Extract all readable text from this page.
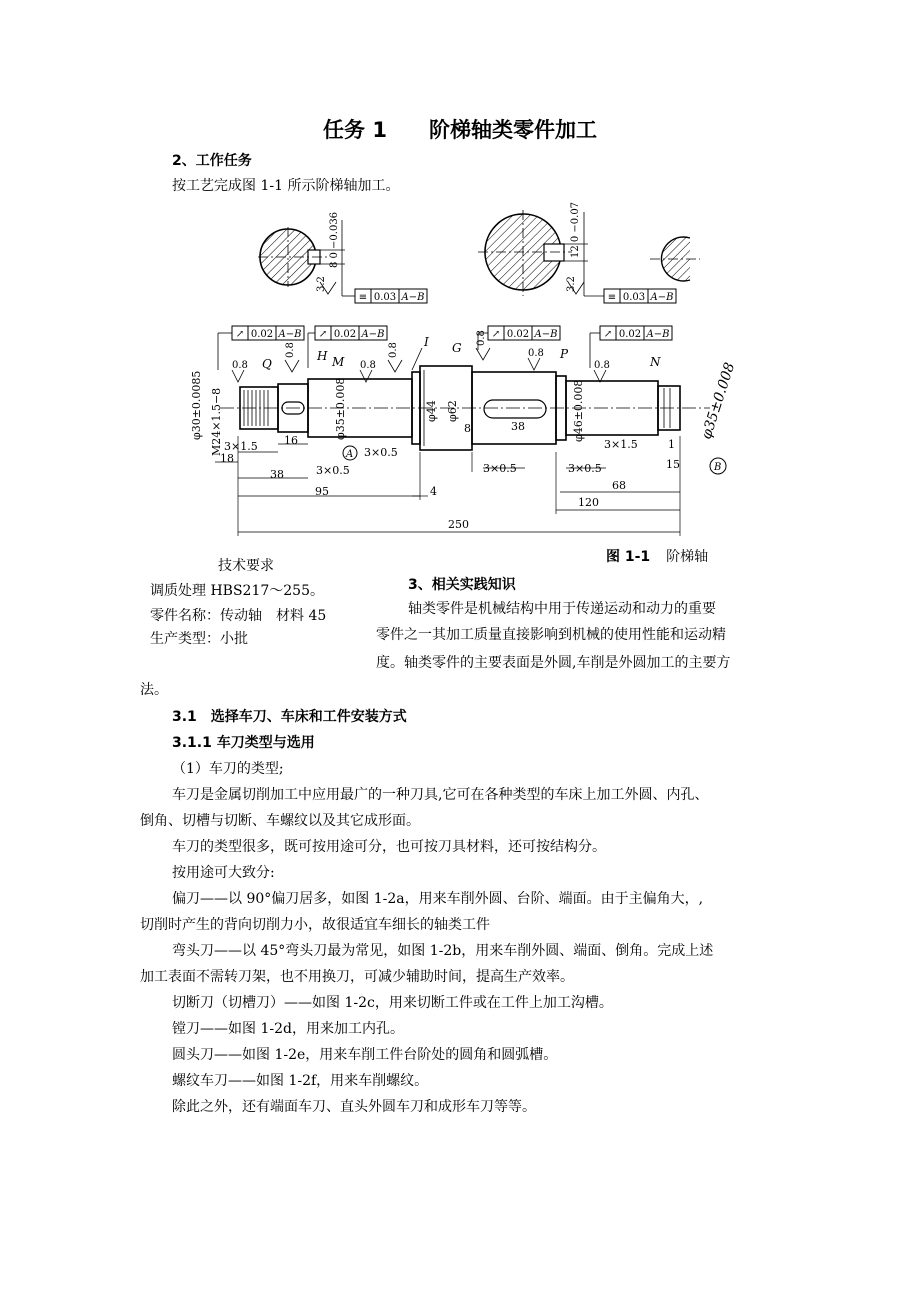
任务 1 阶梯轴类零件加工
2、工作任务
按工艺完成图 1-1 所示阶梯轴加工。
8 0 −0.036
3.2
≡ 0.03 A−B
12 0 −0.07
3.2
≡ 0.03 A−B
↗ 0.02 A−B ↗ 0.02 A−B	↗ 0.02 A−B	↗ 0.02 A−B
0.8 Q
0.8 H M 0.8
0.8
I G
0.8
0.8 P
0.8	N
φ30±0.0085 M24×1.5−8	φ35±0.008	φ44 φ62	φ46±0.008	φ35±0.008
8
A
B
3×1.5 16
18
38	3×0.5
3×0.5
95	4
3×0.5
38
3×0.5
3×1.5	1
15
68
120
250
图 1-1 阶梯轴
技术要求
调质处理 HBS217～255。
零件名称：传动轴　材料 45
生产类型：小批
3、相关实践知识
轴类零件是机械结构中用于传递运动和动力的重要
零件之一其加工质量直接影响到机械的使用性能和运动精
度。轴类零件的主要表面是外圆,车削是外圆加工的主要方
法。
3.1　选择车刀、车床和工件安装方式
3.1.1 车刀类型与选用
（1）车刀的类型;
车刀是金属切削加工中应用最广的一种刀具,它可在各种类型的车床上加工外圆、内孔、
倒角、切槽与切断、车螺纹以及其它成形面。
车刀的类型很多，既可按用途可分，也可按刀具材料，还可按结构分。
按用途可大致分:
偏刀——以 90°偏刀居多，如图 1-2a，用来车削外圆、台阶、端面。由于主偏角大，,
切削时产生的背向切削力小，故很适宜车细长的轴类工件
弯头刀——以 45°弯头刀最为常见，如图 1-2b，用来车削外圆、端面、倒角。完成上述
加工表面不需转刀架，也不用换刀，可减少辅助时间，提高生产效率。
切断刀（切槽刀）——如图 1-2c，用来切断工件或在工件上加工沟槽。
镗刀——如图 1-2d，用来加工内孔。
圆头刀——如图 1-2e，用来车削工件台阶处的圆角和圆弧槽。
螺纹车刀——如图 1-2f，用来车削螺纹。
除此之外，还有端面车刀、直头外圆车刀和成形车刀等等。
